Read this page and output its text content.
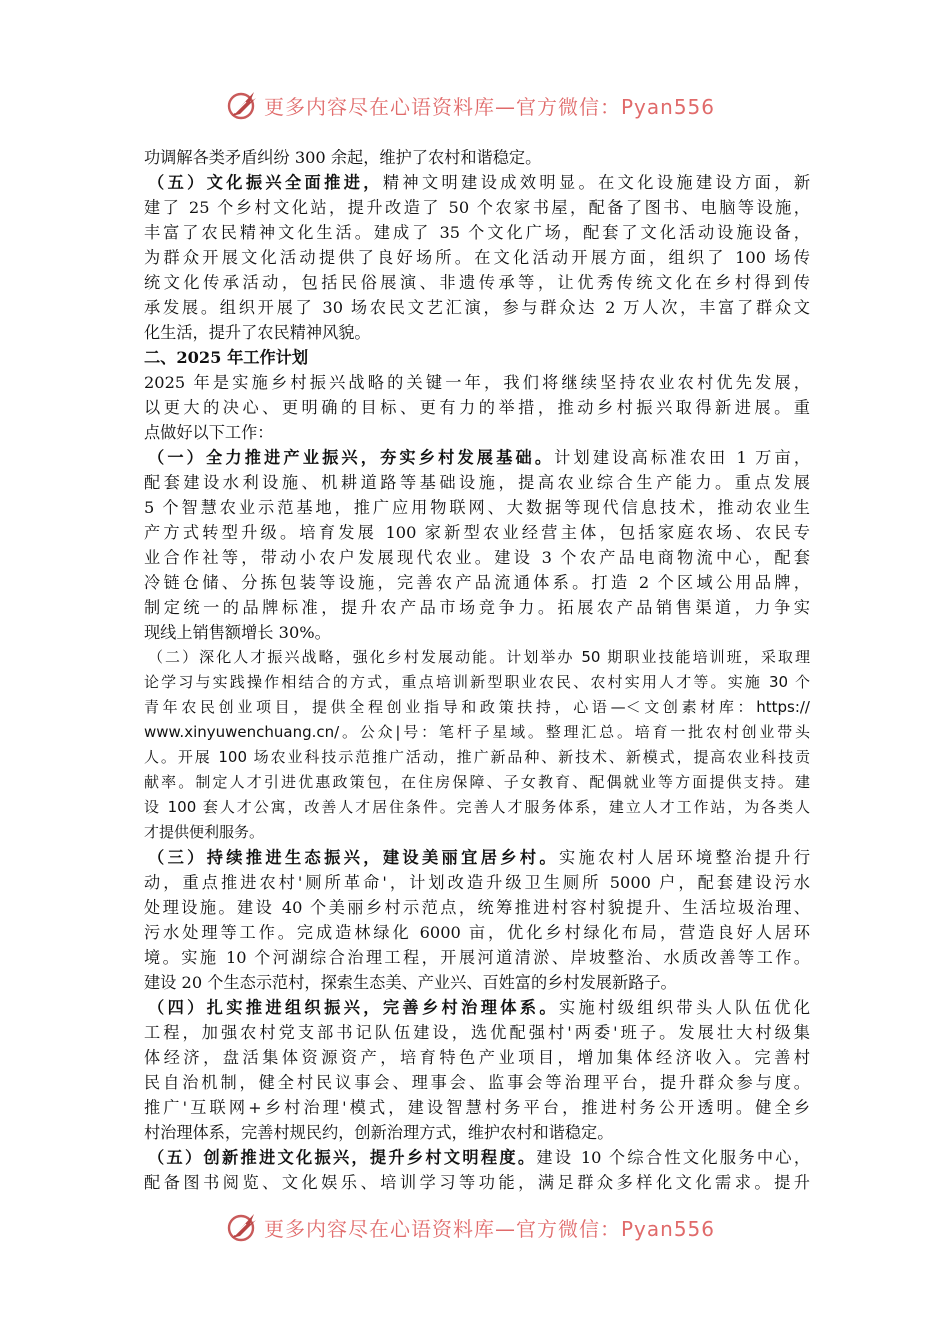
更多内容尽在心语资料库—官方微信：Pyan556
功调解各类矛盾纠纷 300 余起，维护了农村和谐稳定。
（五）文化振兴全面推进，精神文明建设成效明显。在文化设施建设方面，新
建了 25 个乡村文化站，提升改造了 50 个农家书屋，配备了图书、电脑等设施，
丰富了农民精神文化生活。建成了 35 个文化广场，配套了文化活动设施设备，
为群众开展文化活动提供了良好场所。在文化活动开展方面，组织了 100 场传
统文化传承活动，包括民俗展演、非遗传承等，让优秀传统文化在乡村得到传
承发展。组织开展了 30 场农民文艺汇演，参与群众达 2 万人次，丰富了群众文
化生活，提升了农民精神风貌。
二、2025 年工作计划
2025 年是实施乡村振兴战略的关键一年，我们将继续坚持农业农村优先发展，
以更大的决心、更明确的目标、更有力的举措，推动乡村振兴取得新进展。重
点做好以下工作：
（一）全力推进产业振兴，夯实乡村发展基础。计划建设高标准农田 1 万亩，
配套建设水利设施、机耕道路等基础设施，提高农业综合生产能力。重点发展
5 个智慧农业示范基地，推广应用物联网、大数据等现代信息技术，推动农业生
产方式转型升级。培育发展 100 家新型农业经营主体，包括家庭农场、农民专
业合作社等，带动小农户发展现代农业。建设 3 个农产品电商物流中心，配套
冷链仓储、分拣包装等设施，完善农产品流通体系。打造 2 个区域公用品牌，
制定统一的品牌标准，提升农产品市场竞争力。拓展农产品销售渠道，力争实
现线上销售额增长 30%。
（二）深化人才振兴战略，强化乡村发展动能。计划举办 50 期职业技能培训班，采取理
论学习与实践操作相结合的方式，重点培训新型职业农民、农村实用人才等。实施 30 个
青年农民创业项目，提供全程创业指导和政策扶持，心语—＜文创素材库：https://
www.xinyuwenchuang.cn/。公众|号：笔杆子星域。整理汇总。培育一批农村创业带头
人。开展 100 场农业科技示范推广活动，推广新品种、新技术、新模式，提高农业科技贡
献率。制定人才引进优惠政策包，在住房保障、子女教育、配偶就业等方面提供支持。建
设 100 套人才公寓，改善人才居住条件。完善人才服务体系，建立人才工作站，为各类人
才提供便利服务。
（三）持续推进生态振兴，建设美丽宜居乡村。实施农村人居环境整治提升行
动，重点推进农村'厕所革命'，计划改造升级卫生厕所 5000 户，配套建设污水
处理设施。建设 40 个美丽乡村示范点，统筹推进村容村貌提升、生活垃圾治理、
污水处理等工作。完成造林绿化 6000 亩，优化乡村绿化布局，营造良好人居环
境。实施 10 个河湖综合治理工程，开展河道清淤、岸坡整治、水质改善等工作。
建设 20 个生态示范村，探索生态美、产业兴、百姓富的乡村发展新路子。
（四）扎实推进组织振兴，完善乡村治理体系。实施村级组织带头人队伍优化
工程，加强农村党支部书记队伍建设，选优配强村'两委'班子。发展壮大村级集
体经济，盘活集体资源资产，培育特色产业项目，增加集体经济收入。完善村
民自治机制，健全村民议事会、理事会、监事会等治理平台，提升群众参与度。
推广'互联网+乡村治理'模式，建设智慧村务平台，推进村务公开透明。健全乡
村治理体系，完善村规民约，创新治理方式，维护农村和谐稳定。
（五）创新推进文化振兴，提升乡村文明程度。建设 10 个综合性文化服务中心，
配备图书阅览、文化娱乐、培训学习等功能，满足群众多样化文化需求。提升
更多内容尽在心语资料库—官方微信：Pyan556
